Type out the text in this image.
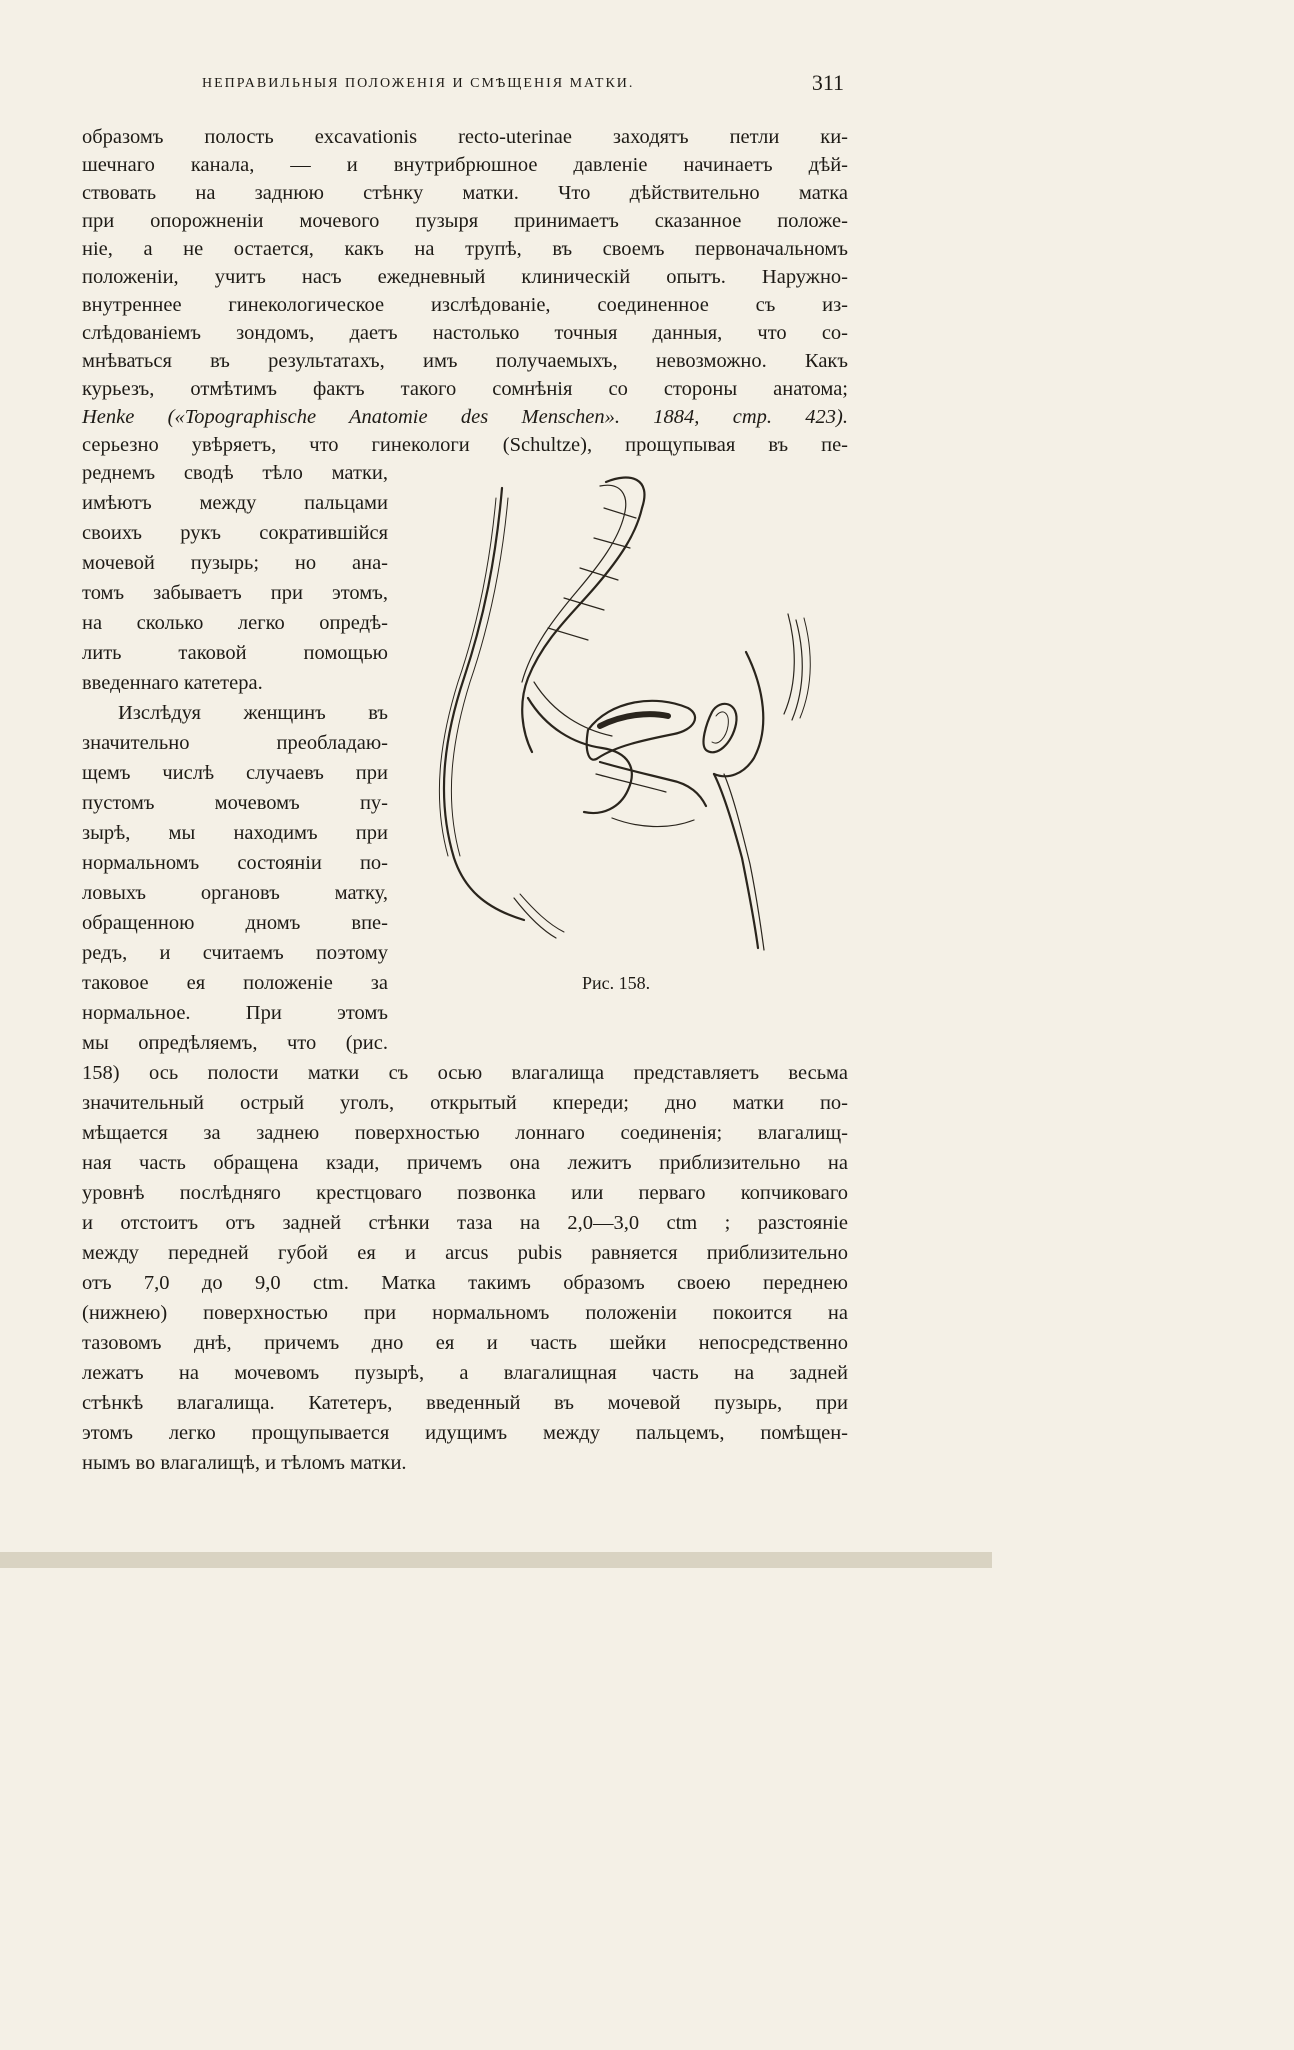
НЕПРАВИЛЬНЫЯ ПОЛОЖЕНІЯ И СМѢЩЕНІЯ МАТКИ.	311
образомъ полость excavationis recto-uterinae заходятъ петли ки-
шечнаго канала, — и внутрибрюшное давленіе начинаетъ дѣй-
ствовать на заднюю стѣнку матки. Что дѣйствительно матка
при опорожненіи мочевого пузыря принимаетъ сказанное положе-
ніе, а не остается, какъ на трупѣ, въ своемъ первоначальномъ
положеніи, учитъ насъ ежедневный клиническій опытъ. Наружно-
внутреннее гинекологическое изслѣдованіе, соединенное съ из-
слѣдованіемъ зондомъ, даетъ настолько точныя данныя, что со-
мнѣваться въ результатахъ, имъ получаемыхъ, невозможно. Какъ
курьезъ, отмѣтимъ фактъ такого сомнѣнія со стороны анатома;
Henke («Topographische Anatomie des Menschen». 1884, стр. 423).
серьезно увѣряетъ, что гинекологи (Schultze), прощупывая въ пе-
реднемъ сводѣ тѣло матки,
имѣютъ между пальцами
своихъ рукъ сократившійся
мочевой пузырь; но ана-
томъ забываетъ при этомъ,
на сколько легко опредѣ-
лить таковой помощью
введеннаго катетера.
Изслѣдуя женщинъ въ
значительно преобладаю-
щемъ числѣ случаевъ при
пустомъ мочевомъ пу-
зырѣ, мы находимъ при
нормальномъ состояніи по-
ловыхъ органовъ матку,
обращенною дномъ впе-
редъ, и считаемъ поэтому
таковое ея положеніе за
нормальное. При этомъ
мы опредѣляемъ, что (рис.
158) ось полости матки съ осью влагалища представляетъ весьма
значительный острый уголъ, открытый кпереди; дно матки по-
мѣщается за заднею поверхностью лоннаго соединенія; влагалищ-
ная часть обращена кзади, причемъ она лежитъ приблизительно на
уровнѣ послѣдняго крестцоваго позвонка или перваго копчиковаго
и отстоитъ отъ задней стѣнки таза на 2,0—3,0 ctm ; разстояніе
между передней губой ея и arcus pubis равняется приблизительно
отъ 7,0 до 9,0 ctm. Матка такимъ образомъ своею переднею
(нижнею) поверхностью при нормальномъ положеніи покоится на
тазовомъ днѣ, причемъ дно ея и часть шейки непосредственно
лежатъ на мочевомъ пузырѣ, а влагалищная часть на задней
стѣнкѣ влагалища. Катетеръ, введенный въ мочевой пузырь, при
этомъ легко прощупывается идущимъ между пальцемъ, помѣщен-
нымъ во влагалищѣ, и тѣломъ матки.
Рис. 158.
